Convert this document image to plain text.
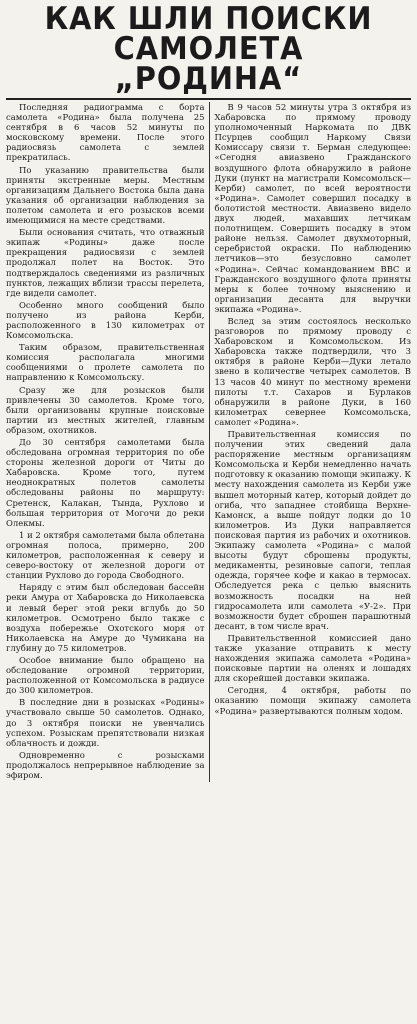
КАК ШЛИ ПОИСКИ
САМОЛЕТА „РОДИНА“

Последняя радиограмма с борта самолета «Родина» была получена 25 сентября в 6 часов 52 минуты по московскому времени. После этого радиосвязь самолета с землей прекратилась.

По указанию правительства были приняты экстренные меры. Местным организациям Дальнего Востока была дана указания об организации наблюдения за полетом самолета и его розысков всеми имеющимися на месте средствами.

Были основания считать, что отважный экипаж «Родины» даже после прекращения радиосвязи с землей продолжал полет на Восток. Это подтверждалось сведениями из различных пунктов, лежащих вблизи трассы перелета, где видели самолет.

Особенно много сообщений было получено из района Керби, расположенного в 130 километрах от Комсомольска.

Таким образом, правительственная комиссия располагала многими сообщениями о пролете самолета по направлению к Комсомольску.

Сразу же для розысков были привлечены 30 самолетов. Кроме того, были организованы крупные поисковые партии из местных жителей, главным образом, охотников.

До 30 сентября самолетами была обследована огромная территория по обе стороны железной дороги от Читы до Хабаровска. Кроме того, путем неоднократных полетов самолеты обследованы районы по маршруту: Сретенск, Калакан, Тында, Рухлово и большая территория от Могочи до реки Олекмы.

1 и 2 октября самолетами была облетана огромная полоса, примерно, 200 километров, расположенная к северу и северо-востоку от железной дороги от станции Рухлово до города Свободного.

Наряду с этим был обследован бассейн реки Амура от Хабаровска до Николаевска и левый берег этой реки вглубь до 50 километров. Осмотрено было также с воздуха побережье Охотского моря от Николаевска на Амуре до Чумикана на глубину до 75 километров.

Особое внимание было обращено на обследование огромной территории, расположенной от Комсомольска в радиусе до 300 километров.

В последние дни в розысках «Родины» участвовало свыше 50 самолетов. Однако, до 3 октября поиски не увенчались успехом. Розыскам препятствовали низкая облачность и дожди.

Одновременно с розысками продолжалось непрерывное наблюдение за эфиром.

В 9 часов 52 минуты утра 3 октября из Хабаровска по прямому проводу уполномоченный Наркомата по ДВК Псурцев сообщил Наркому Связи Комиссару связи т. Берман следующее: «Сегодня авиазвено Гражданского воздушного флота обнаружило в районе Дуки (пункт на магистрали Комсомольск—Керби) самолет, по всей вероятности «Родина». Самолет совершил посадку в болотистой местности. Авиазвено видело двух людей, махавших летчикам полотнищем. Совершить посадку в этом районе нельзя. Самолет двухмоторный, серебристой окраски. По наблюдению летчиков—это безусловно самолет «Родина». Сейчас командованием ВВС и Гражданского воздушного флота приняты меры к более точному выяснению и организации десанта для выручки экипажа «Родина».

Вслед за этим состоялось несколько разговоров по прямому проводу с Хабаровском и Комсомольском. Из Хабаровска также подтвердили, что 3 октября в районе Керби—Дуки летало звено в количестве четырех самолетов. В 13 часов 40 минут по местному времени пилоты т.т. Сахаров и Бурлаков обнаружили в районе Дуки, в 160 километрах севернее Комсомольска, самолет «Родина».

Правительственная комиссия по получении этих сведений дала распоряжение местным организациям Комсомольска и Керби немедленно начать подготовку к оказанию помощи экипажу. К месту нахождения самолета из Керби уже вышел моторный катер, который дойдет до огиба, что западнее стойбища Верхне-Камонск, а выше пойдут лодки до 10 километров. Из Дуки направляется поисковая партия из рабочих и охотников. Экипажу самолета «Родина» с малой высоты будут сброшены продукты, медикаменты, резиновые сапоги, теплая одежда, горячее кофе и какао в термосах. Обследуется река с целью выяснить возможность посадки на ней гидросамолета или самолета «У-2». При возможности будет сброшен парашютный десант, в том числе врач.

Правительственной комиссией дано также указание отправить к месту нахождения экипажа самолета «Родина» поисковые партии на оленях и лошадях для скорейшей доставки экипажа.

Сегодня, 4 октября, работы по оказанию помощи экипажу самолета «Родина» развертываются полным ходом.
